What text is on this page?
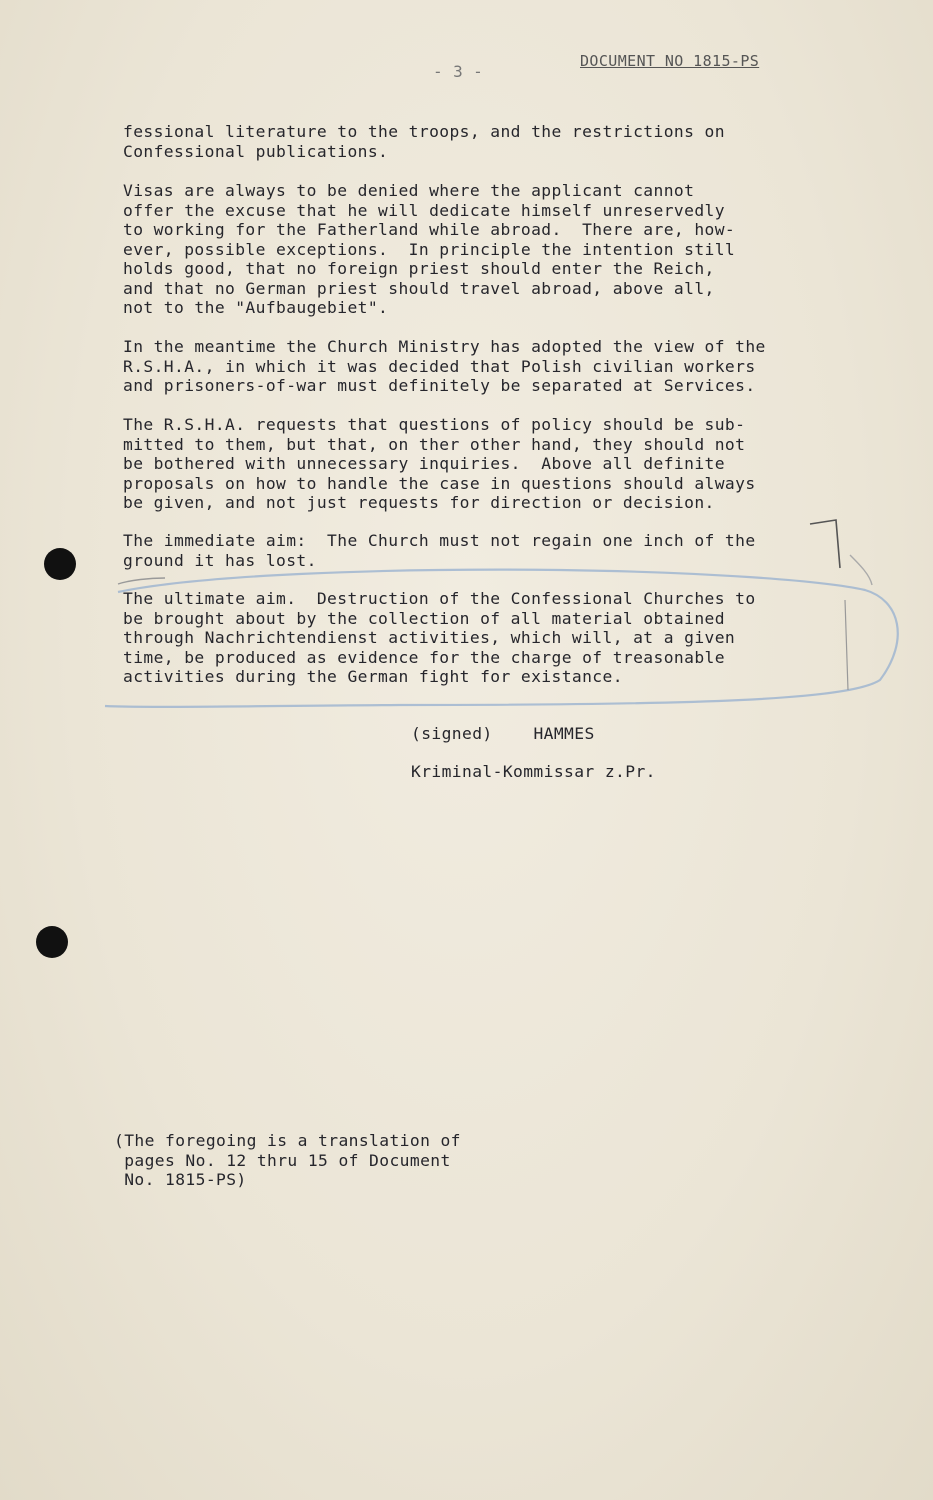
- 3 -
DOCUMENT NO 1815-PS
fessional literature to the troops, and the restrictions on
Confessional publications.
Visas are always to be denied where the applicant cannot
offer the excuse that he will dedicate himself unreservedly
to working for the Fatherland while abroad.  There are, how-
ever, possible exceptions.  In principle the intention still
holds good, that no foreign priest should enter the Reich,
and that no German priest should travel abroad, above all,
not to the "Aufbaugebiet".
In the meantime the Church Ministry has adopted the view of the
R.S.H.A., in which it was decided that Polish civilian workers
and prisoners-of-war must definitely be separated at Services.
The R.S.H.A. requests that questions of policy should be sub-
mitted to them, but that, on ther other hand, they should not
be bothered with unnecessary inquiries.  Above all definite
proposals on how to handle the case in questions should always
be given, and not just requests for direction or decision.
The immediate aim:  The Church must not regain one inch of the
ground it has lost.
The ultimate aim.  Destruction of the Confessional Churches to
be brought about by the collection of all material obtained
through Nachrichtendienst activities, which will, at a given
time, be produced as evidence for the charge of treasonable
activities during the German fight for existance.
(signed)	HAMMES
Kriminal-Kommissar z.Pr.
(The foregoing is a translation of
pages No. 12 thru 15 of Document
No. 1815-PS)
